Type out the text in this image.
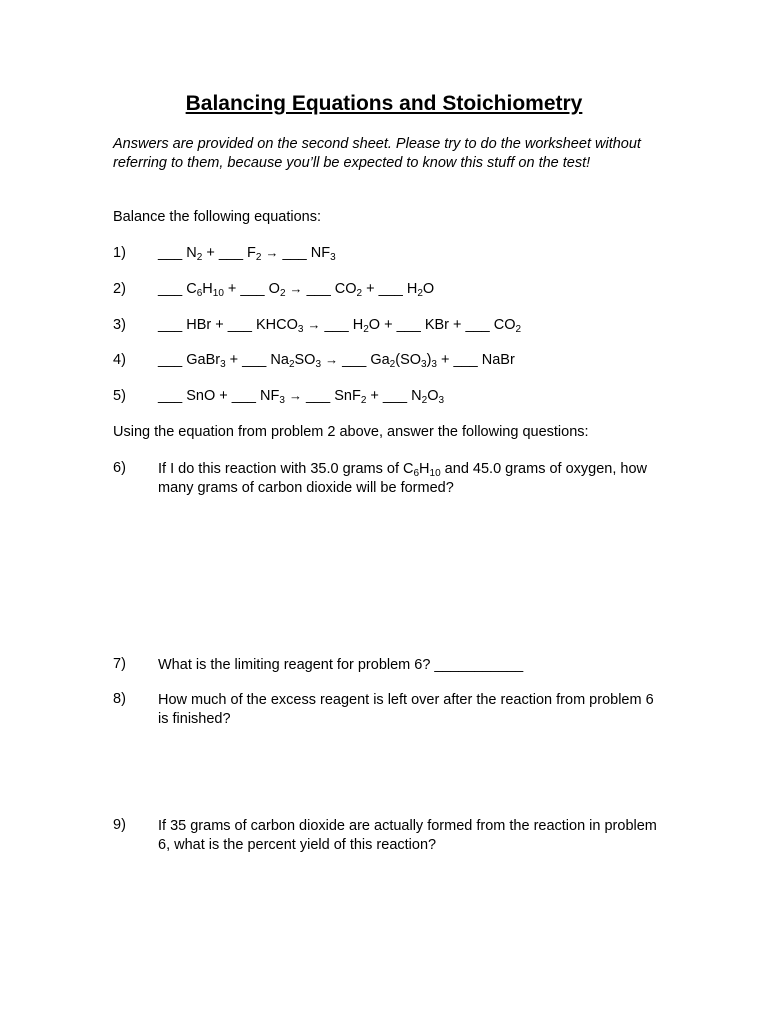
Balancing Equations and Stoichiometry
Answers are provided on the second sheet. Please try to do the worksheet without referring to them, because you’ll be expected to know this stuff on the test!
Balance the following equations:
1) ___ $N_2$ + ___ $F_2$ → ___ $NF_3$
2) ___ $C_6H_{10}$ + ___ $O_2$ → ___ $CO_2$ + ___ $H_2O$
3) ___ HBr + ___ $KHCO_3$ → ___ $H_2O$ + ___ KBr + ___ $CO_2$
4) ___ GaBr$_3$ + ___ $Na_2SO_3$ → ___ $Ga_2(SO_3)_3$ + ___ NaBr
5) ___ SnO + ___ $NF_3$ → ___ SnF$_2$ + ___ $N_2O_3$
Using the equation from problem 2 above, answer the following questions:
6) If I do this reaction with 35.0 grams of $C_6H_{10}$ and 45.0 grams of oxygen, how many grams of carbon dioxide will be formed?
7) What is the limiting reagent for problem 6? ___________
8) How much of the excess reagent is left over after the reaction from problem 6 is finished?
9) If 35 grams of carbon dioxide are actually formed from the reaction in problem 6, what is the percent yield of this reaction?
